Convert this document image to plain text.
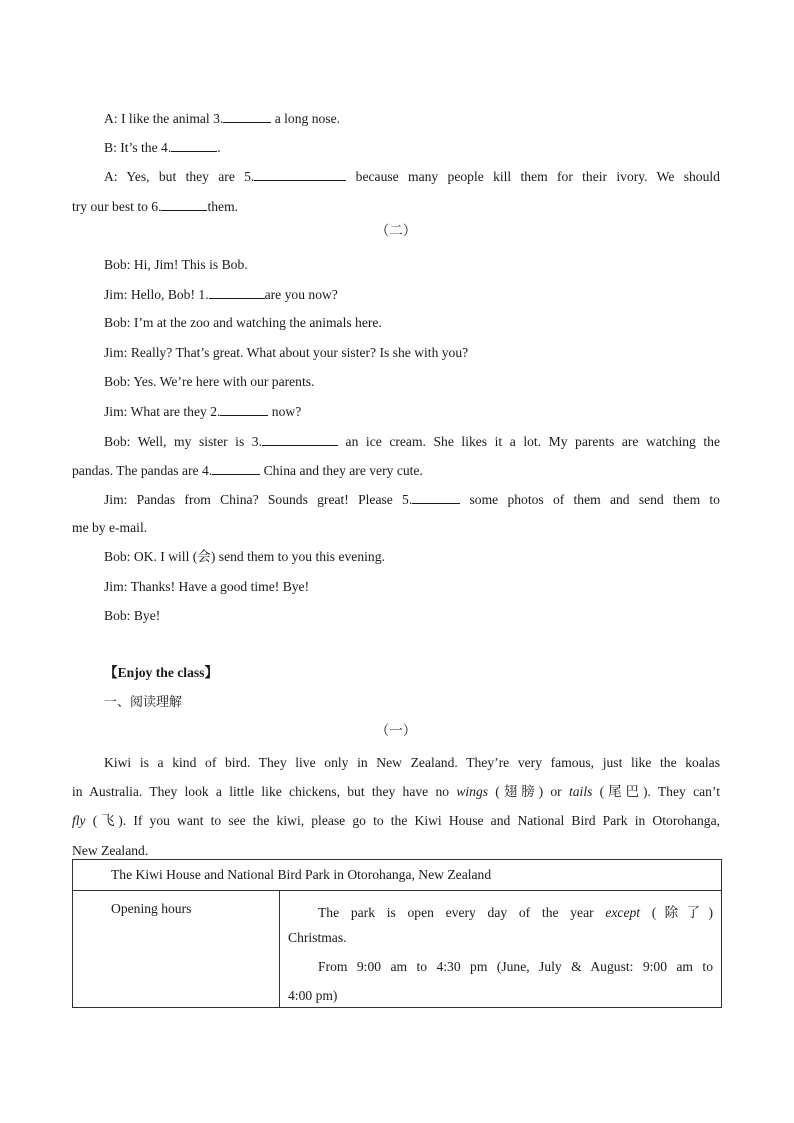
A: I like the animal 3.	a long nose.
B: It’s the 4.	.
A: Yes, but they are 5.	because many people kill them for their ivory. We should
try our best to 6.	them.
（二）
Bob: Hi, Jim! This is Bob.
Jim: Hello, Bob! 1.	are you now?
Bob: I’m at the zoo and watching the animals here.
Jim: Really? That’s great. What about your sister? Is she with you?
Bob: Yes. We’re here with our parents.
Jim: What are they 2.	now?
Bob: Well, my sister is 3.	an ice cream. She likes it a lot. My parents are watching the
pandas. The pandas are 4.	China and they are very cute.
Jim: Pandas from China? Sounds great! Please 5.	some photos of them and send them to
me by e-mail.
Bob: OK. I will (会) send them to you this evening.
Jim: Thanks! Have a good time! Bye!
Bob: Bye!
【Enjoy the class】
一、阅读理解
（一）
Kiwi is a kind of bird. They live only in New Zealand. They’re very famous, just like the koalas
in Australia. They look a little like chickens, but they have no wings (翅膀) or tails (尾巴). They can’t
fly (飞). If you want to see the kiwi, please go to the Kiwi House and National Bird Park in Otorohanga,
New Zealand.
The Kiwi House and National Bird Park in Otorohanga, New Zealand

Opening hours	The park is open every day of the year except (除了)
Christmas.
From 9:00 am to 4:30 pm (June, July & August: 9:00 am to
4:00 pm)
